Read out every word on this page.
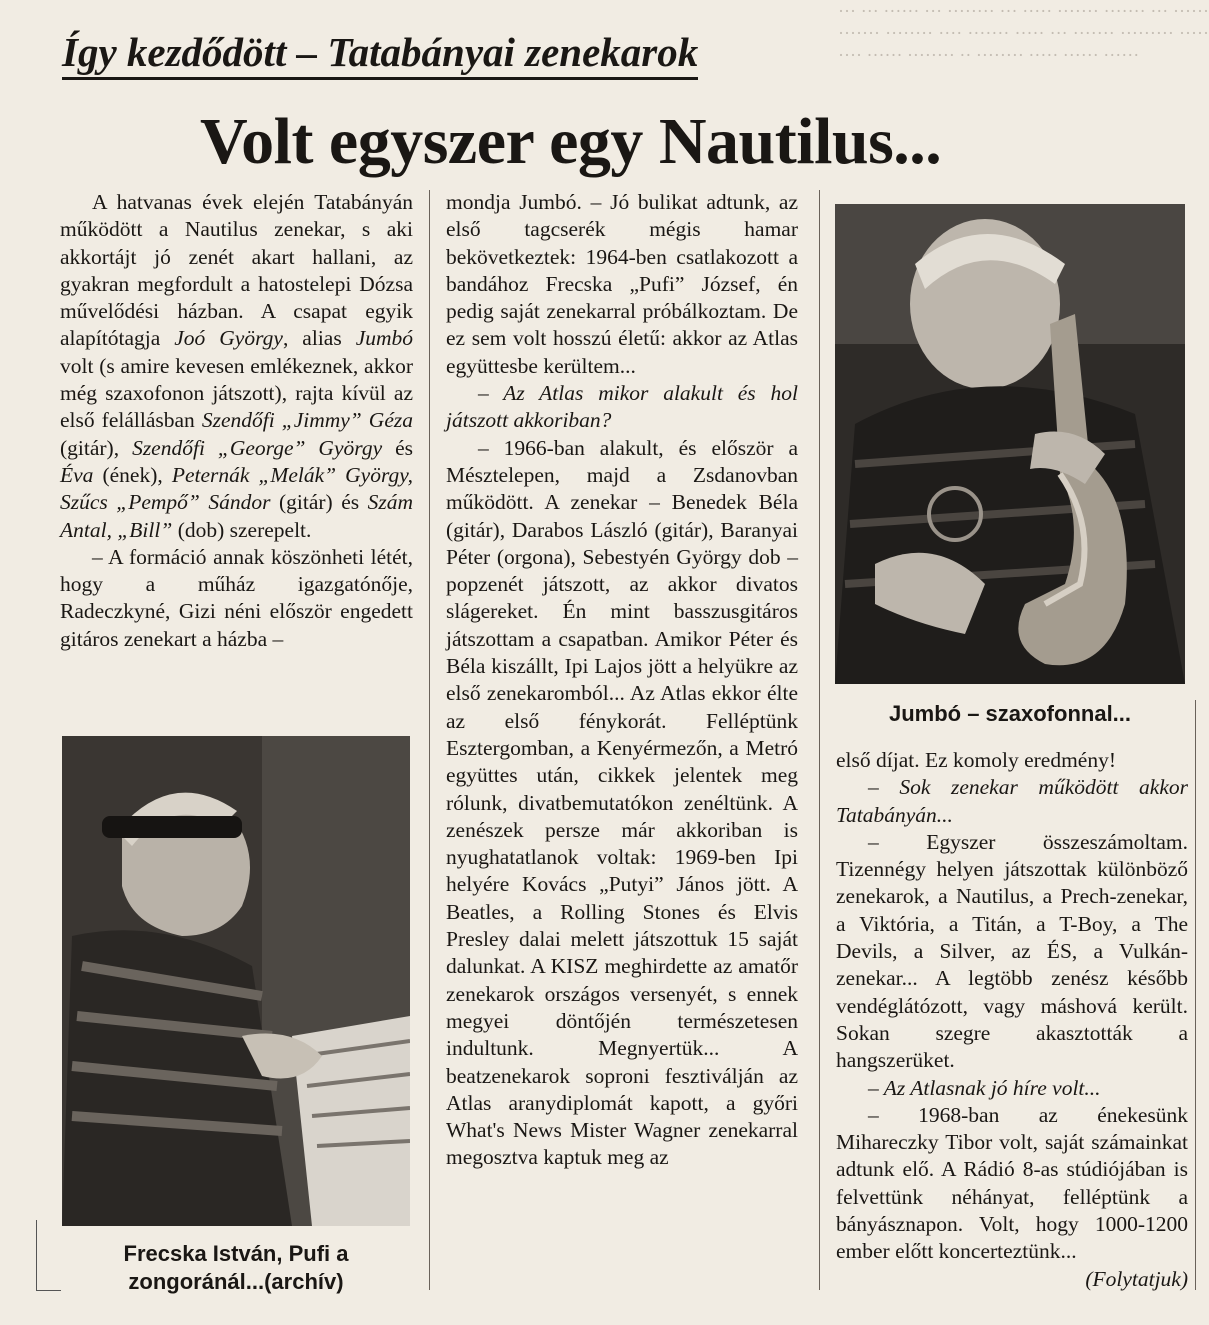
··· ··· ······ ··· ········ ··· ····· ······· ······· ··· ······ ······· ········ ···· ······· ····· ··· ······· ········· ····· ···· ······ ········ ·· ········ ····· ······ ······
Így kezdődött – Tatabányai zenekarok
Volt egyszer egy Nautilus...

A hatvanas évek elején Tatabányán működött a Nautilus zenekar, s aki akkortájt jó zenét akart hallani, az gyakran megfordult a hatostelepi Dózsa művelődési házban. A csapat egyik alapítótagja Joó György, alias Jumbó volt (s amire kevesen emlékeznek, akkor még szaxofonon játszott), rajta kívül az első felállásban Szendőfi „Jimmy” Géza (gitár), Szendőfi „George” György és Éva (ének), Peternák „Melák” György, Szűcs „Pempő” Sándor (gitár) és Szám Antal, „Bill” (dob) szerepelt.

– A formáció annak köszönheti létét, hogy a műház igazgatónője, Radeczkyné, Gizi néni először engedett gitáros zenekart a házba –

Frecska István, Pufi a zongoránál...(archív)

mondja Jumbó. – Jó bulikat adtunk, az első tagcserék mégis hamar bekövetkeztek: 1964-ben csatlakozott a bandához Frecska „Pufi” József, én pedig saját zenekarral próbálkoztam. De ez sem volt hosszú életű: akkor az Atlas együttesbe kerültem...

– Az Atlas mikor alakult és hol játszott akkoriban?

– 1966-ban alakult, és először a Mésztelepen, majd a Zsdanovban működött. A zenekar – Benedek Béla (gitár), Darabos László (gitár), Baranyai Péter (orgona), Sebestyén György dob – popzenét játszott, az akkor divatos slágereket. Én mint basszusgitáros játszottam a csapatban. Amikor Péter és Béla kiszállt, Ipi Lajos jött a helyükre az első zenekaromból... Az Atlas ekkor élte az első fénykorát. Felléptünk Esztergomban, a Kenyérmezőn, a Metró együttes után, cikkek jelentek meg rólunk, divatbemutatókon zenéltünk. A zenészek persze már akkoriban is nyughatatlanok voltak: 1969-ben Ipi helyére Kovács „Putyi” János jött. A Beatles, a Rolling Stones és Elvis Presley dalai melett játszottuk 15 saját dalunkat. A KISZ meghirdette az amatőr zenekarok országos versenyét, s ennek megyei döntőjén természetesen indultunk. Megnyertük... A beatzenekarok soproni fesztiválján az Atlas aranydiplomát kapott, a győri What's News Mister Wagner zenekarral megosztva kaptuk meg az

Jumbó – szaxofonnal...

első díjat. Ez komoly eredmény!

– Sok zenekar működött akkor Tatabányán...

– Egyszer összeszámoltam. Tizennégy helyen játszottak különböző zenekarok, a Nautilus, a Prech-zenekar, a Viktória, a Titán, a T-Boy, a The Devils, a Silver, az ÉS, a Vulkán-zenekar... A legtöbb zenész később vendéglátózott, vagy máshová került. Sokan szegre akasztották a hangszerüket.

– Az Atlasnak jó híre volt...

– 1968-ban az énekesünk Mihareczky Tibor volt, saját számainkat adtunk elő. A Rádió 8-as stúdiójában is felvettünk néhányat, felléptünk a bányásznapon. Volt, hogy 1000-1200 ember előtt koncerteztünk...

(Folytatjuk)
